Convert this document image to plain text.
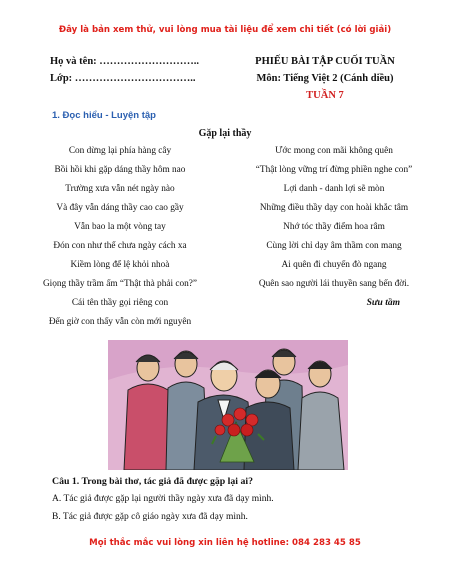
Đây là bản xem thử, vui lòng mua tài liệu để xem chi tiết (có lời giải)
Họ và tên: ………………………..
Lớp: ……………………………..
PHIẾU BÀI TẬP CUỐI TUẦN
Môn: Tiếng Việt 2 (Cánh diều)
TUẦN 7
1. Đọc hiểu - Luyện tập
Gặp lại thầy
Con dừng lại phía hàng cây
Bồi hồi khi gặp dáng thầy hôm nao
Trường xưa vẫn nét ngày nào
Và đây vẫn dáng thầy cao cao gầy
Vẫn bao la một vòng tay
Đón con như thể chưa ngày cách xa
Kiềm lòng để lệ khỏi nhoà
Giọng thầy trầm ấm “Thật thà phải con?”
Cái tên thầy gọi riêng con
Đến giờ con thấy vẫn còn mới nguyên
Ước mong con mãi không quên
“Thật lòng vững trí đừng phiền nghe con”
Lợi danh - danh lợi sẽ mòn
Những điều thầy dạy con hoài khắc tâm
Nhớ tóc thầy điểm hoa râm
Cùng lời chỉ dạy âm thầm con mang
Ai quên đi chuyến đò ngang
Quên sao người lái thuyền sang bến đời.
Sưu tầm
Câu 1. Trong bài thơ, tác giả đã được gặp lại ai?
A. Tác giả được gặp lại người thầy ngày xưa đã dạy mình.
B. Tác giả được gặp cô giáo ngày xưa đã dạy mình.
Mọi thắc mắc vui lòng xin liên hệ hotline: 084 283 45 85
